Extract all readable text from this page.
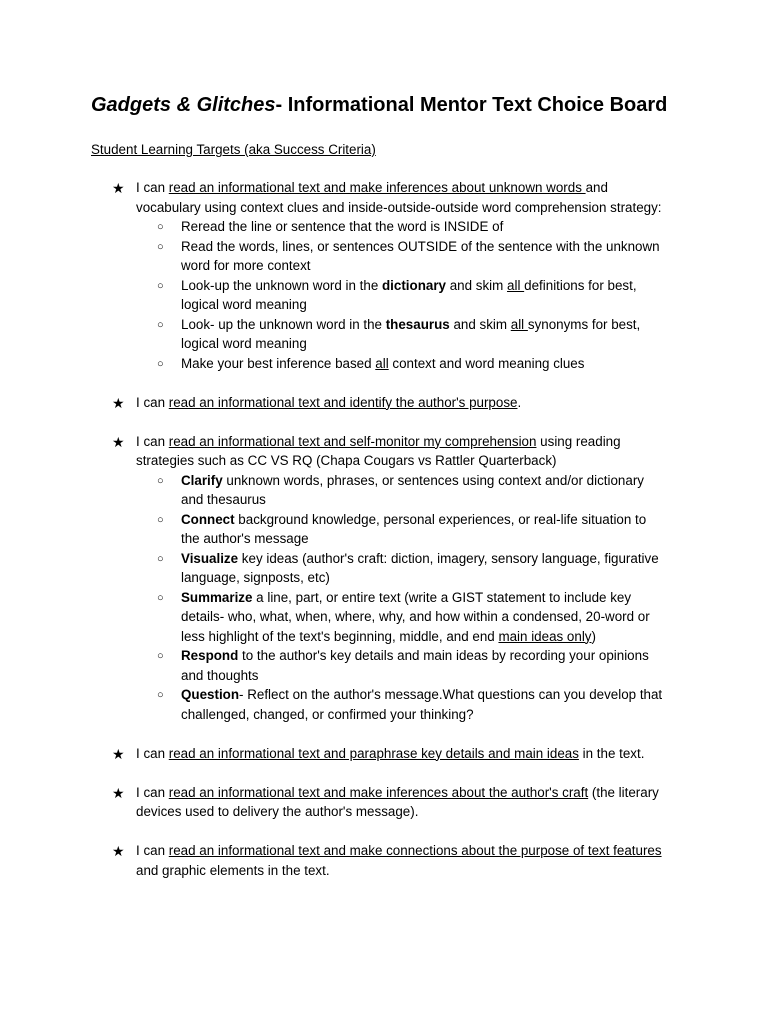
Gadgets & Glitches- Informational Mentor Text Choice Board
Student Learning Targets (aka Success Criteria)
★ I can read an informational text and make inferences about unknown words and
vocabulary using context clues and inside-outside-outside word comprehension strategy:
○ Reread the line or sentence that the word is INSIDE of
○ Read the words, lines, or sentences OUTSIDE of the sentence with the unknown
word for more context
○ Look-up the unknown word in the dictionary and skim all definitions for best,
logical word meaning
○ Look- up the unknown word in the thesaurus and skim all synonyms for best,
logical word meaning
○ Make your best inference based all context and word meaning clues
★ I can read an informational text and identify the author's purpose.
★ I can read an informational text and self-monitor my comprehension using reading
strategies such as CC VS RQ (Chapa Cougars vs Rattler Quarterback)
○ Clarify unknown words, phrases, or sentences using context and/or dictionary
and thesaurus
○ Connect background knowledge, personal experiences, or real-life situation to
the author's message
○ Visualize key ideas (author's craft: diction, imagery, sensory language, figurative
language, signposts, etc)
○ Summarize a line, part, or entire text (write a GIST statement to include key
details- who, what, when, where, why, and how within a condensed, 20-word or
less highlight of the text's beginning, middle, and end main ideas only)
○ Respond to the author's key details and main ideas by recording your opinions
and thoughts
○ Question- Reflect on the author's message.What questions can you develop that
challenged, changed, or confirmed your thinking?
★ I can read an informational text and paraphrase key details and main ideas in the text.
★ I can read an informational text and make inferences about the author's craft (the literary
devices used to delivery the author's message).
★ I can read an informational text and make connections about the purpose of text features
and graphic elements in the text.
